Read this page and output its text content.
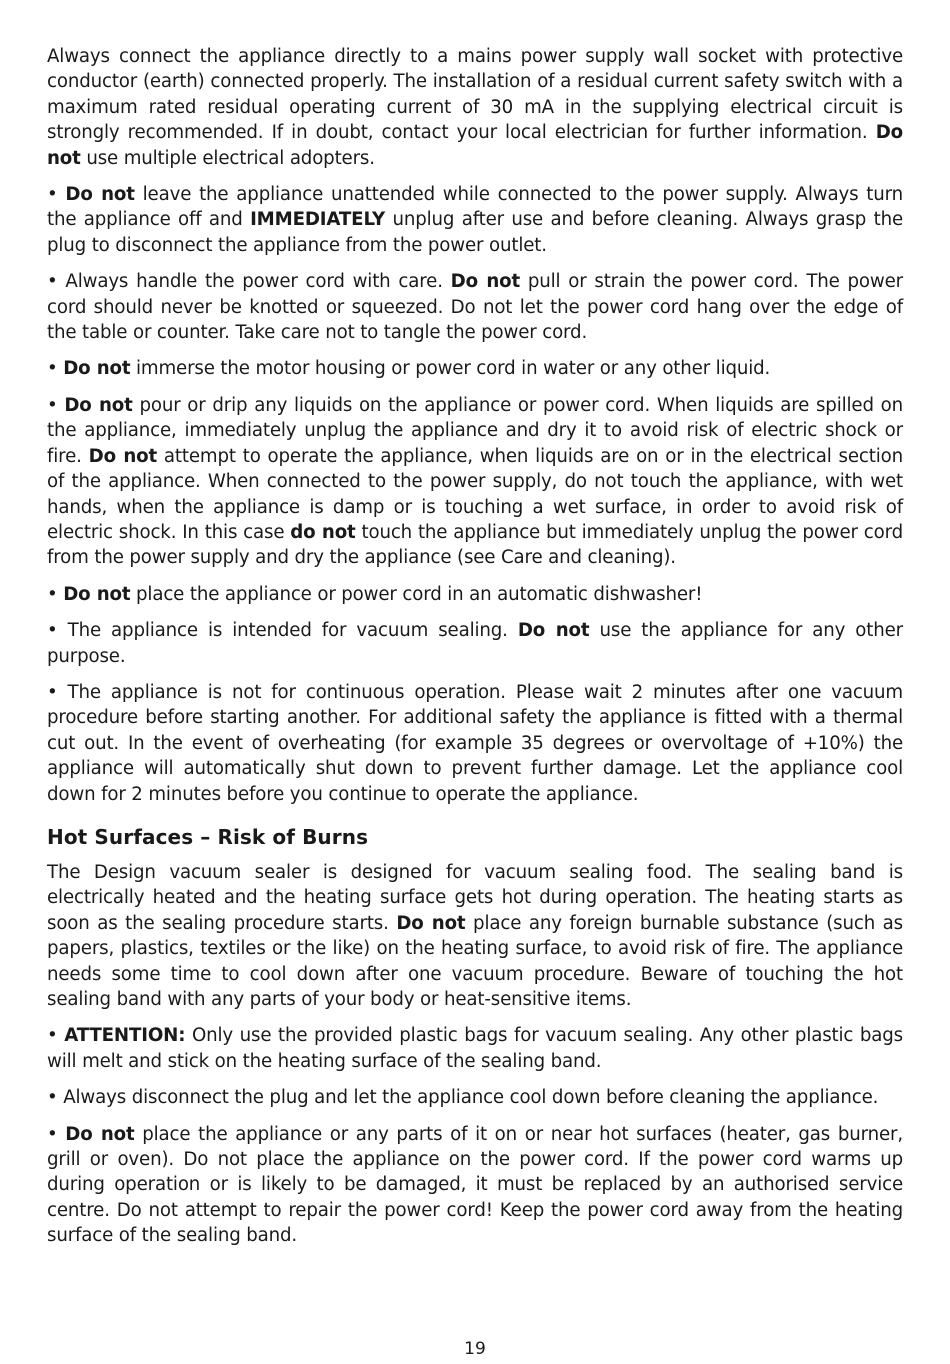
Always connect the appliance directly to a mains power supply wall socket with protective conductor (earth) connected properly. The installation of a residual current safety switch with a maximum rated residual operating current of 30 mA in the supplying electrical circuit is strongly recommended. If in doubt, contact your local electrician for further information. Do not use multiple electrical adopters.
• Do not leave the appliance unattended while connected to the power supply. Always turn the appliance off and IMMEDIATELY unplug after use and before cleaning. Always grasp the plug to disconnect the appliance from the power outlet.
• Always handle the power cord with care. Do not pull or strain the power cord. The power cord should never be knotted or squeezed. Do not let the power cord hang over the edge of the table or counter. Take care not to tangle the power cord.
• Do not immerse the motor housing or power cord in water or any other liquid.
• Do not pour or drip any liquids on the appliance or power cord. When liquids are spilled on the appliance, immediately unplug the appliance and dry it to avoid risk of electric shock or fire. Do not attempt to operate the appliance, when liquids are on or in the electrical section of the appliance. When connected to the power supply, do not touch the appliance, with wet hands, when the appliance is damp or is touching a wet surface, in order to avoid risk of electric shock. In this case do not touch the appliance but immediately unplug the power cord from the power supply and dry the appliance (see Care and cleaning).
• Do not place the appliance or power cord in an automatic dishwasher!
• The appliance is intended for vacuum sealing. Do not use the appliance for any other purpose.
• The appliance is not for continuous operation. Please wait 2 minutes after one vacuum procedure before starting another. For additional safety the appliance is fitted with a thermal cut out. In the event of overheating (for example 35 degrees or overvoltage of +10%) the appliance will automatically shut down to prevent further damage. Let the appliance cool down for 2 minutes before you continue to operate the appliance.
Hot Surfaces – Risk of Burns
The Design vacuum sealer is designed for vacuum sealing food. The sealing band is electrically heated and the heating surface gets hot during operation. The heating starts as soon as the sealing procedure starts. Do not place any foreign burnable substance (such as papers, plastics, textiles or the like) on the heating surface, to avoid risk of fire. The appliance needs some time to cool down after one vacuum procedure. Beware of touching the hot sealing band with any parts of your body or heat-sensitive items.
• ATTENTION: Only use the provided plastic bags for vacuum sealing. Any other plastic bags will melt and stick on the heating surface of the sealing band.
• Always disconnect the plug and let the appliance cool down before cleaning the appliance.
• Do not place the appliance or any parts of it on or near hot surfaces (heater, gas burner, grill or oven). Do not place the appliance on the power cord. If the power cord warms up during operation or is likely to be damaged, it must be replaced by an authorised service centre. Do not attempt to repair the power cord! Keep the power cord away from the heating surface of the sealing band.
19
